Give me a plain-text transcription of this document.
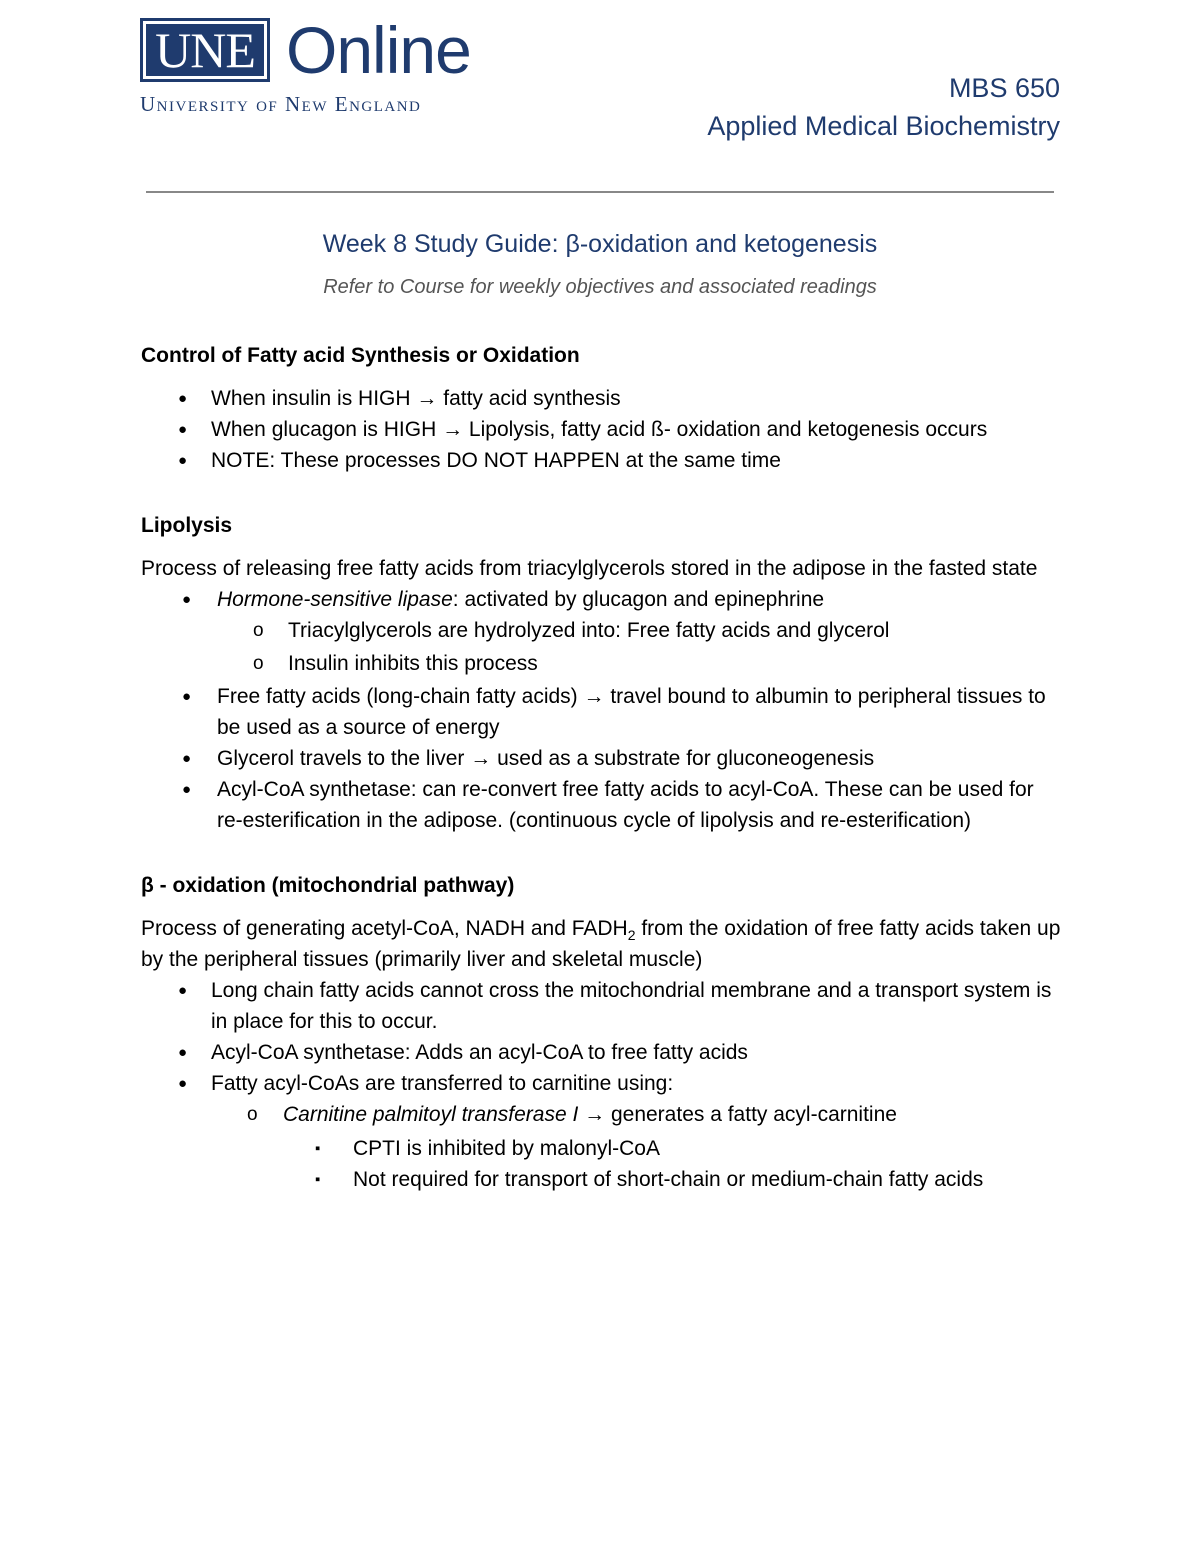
UNE Online
University of New England
MBS 650
Applied Medical Biochemistry
Week 8 Study Guide: β-oxidation and ketogenesis
Refer to Course for weekly objectives and associated readings

Control of Fatty acid Synthesis or Oxidation

● When insulin is HIGH → fatty acid synthesis
● When glucagon is HIGH → Lipolysis, fatty acid ß- oxidation and ketogenesis occurs
● NOTE: These processes DO NOT HAPPEN at the same time

Lipolysis

Process of releasing free fatty acids from triacylglycerols stored in the adipose in the fasted state

● Hormone-sensitive lipase: activated by glucagon and epinephrine
o Triacylglycerols are hydrolyzed into: Free fatty acids and glycerol
o Insulin inhibits this process
● Free fatty acids (long-chain fatty acids) → travel bound to albumin to peripheral tissues to be used as a source of energy
● Glycerol travels to the liver → used as a substrate for gluconeogenesis
● Acyl-CoA synthetase: can re-convert free fatty acids to acyl-CoA. These can be used for re-esterification in the adipose. (continuous cycle of lipolysis and re-esterification)

β - oxidation (mitochondrial pathway)

Process of generating acetyl-CoA, NADH and $FADH_2$ from the oxidation of free fatty acids taken up by the peripheral tissues (primarily liver and skeletal muscle)

● Long chain fatty acids cannot cross the mitochondrial membrane and a transport system is in place for this to occur.
● Acyl-CoA synthetase: Adds an acyl-CoA to free fatty acids
● Fatty acyl-CoAs are transferred to carnitine using:
o Carnitine palmitoyl transferase I → generates a fatty acyl-carnitine
▪ CPTI is inhibited by malonyl-CoA
▪ Not required for transport of short-chain or medium-chain fatty acids
